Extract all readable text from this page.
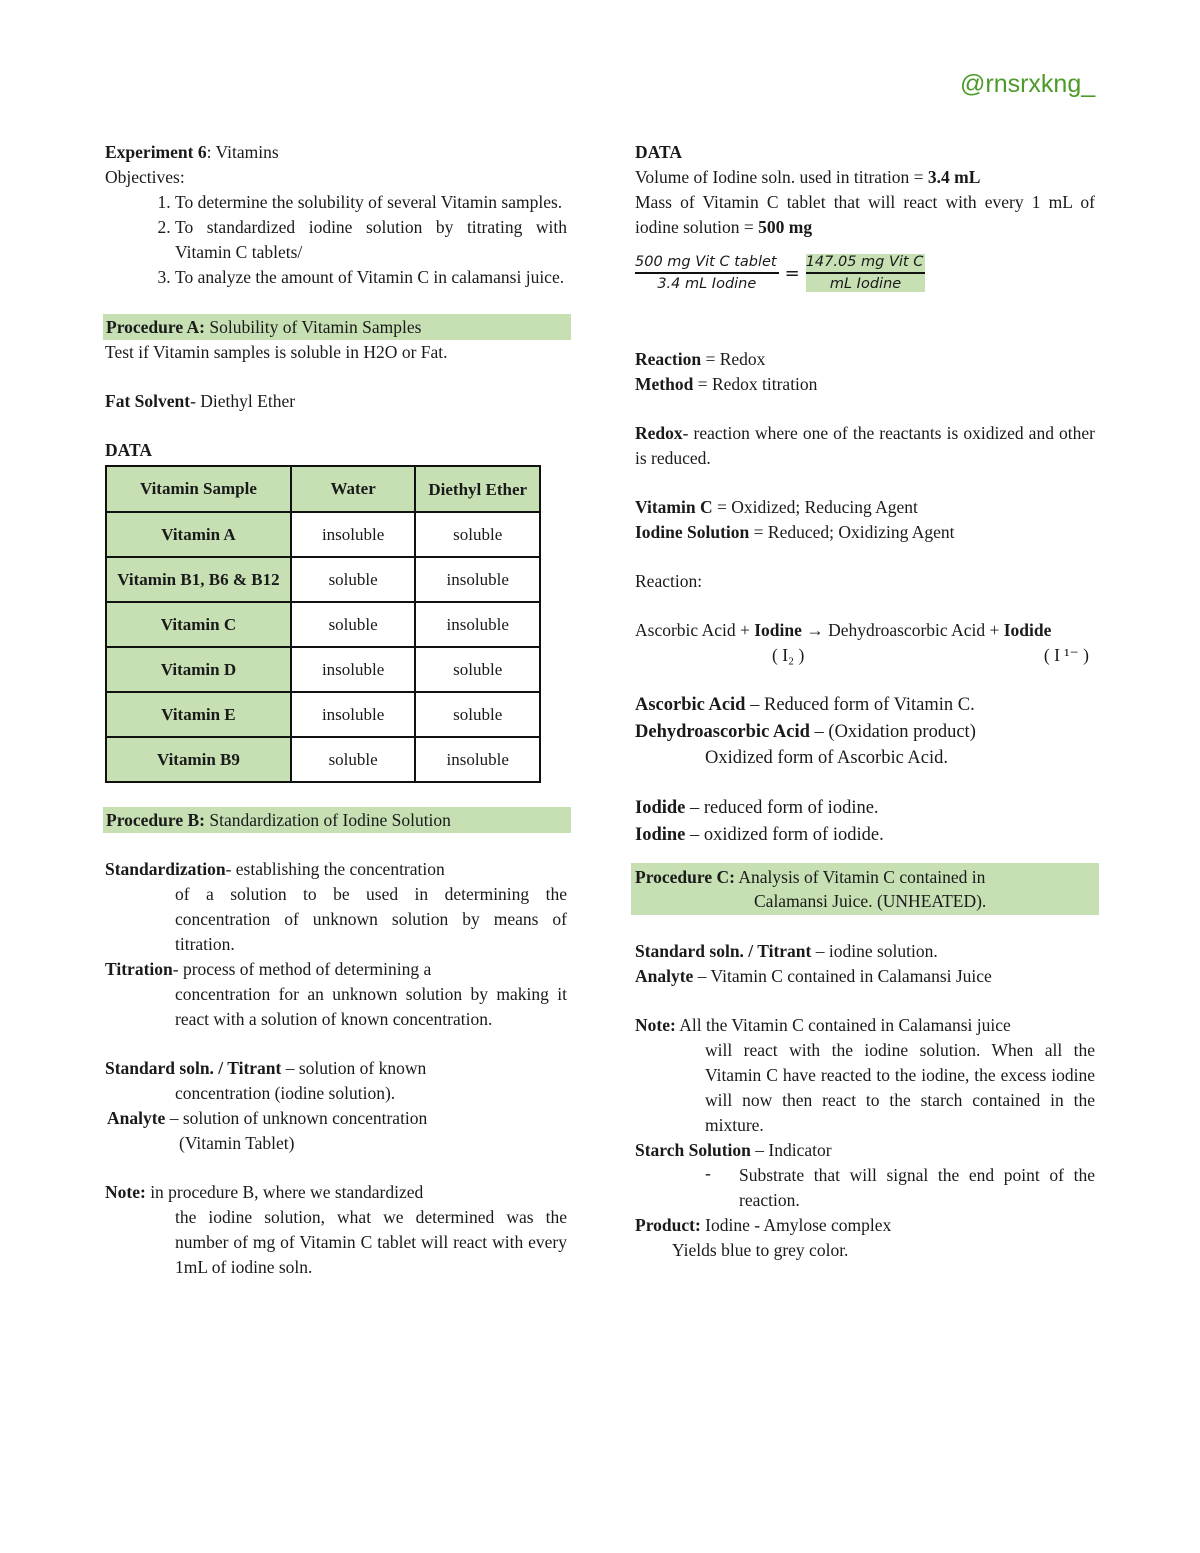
@rnsrxkng_

Experiment 6: Vitamins

Objectives:

1. To determine the solubility of several Vitamin samples.
2. To standardized iodine solution by titrating with Vitamin C tablets/
3. To analyze the amount of Vitamin C in calamansi juice.
Procedure A: Solubility of Vitamin Samples

Test if Vitamin samples is soluble in H2O or Fat.

Fat Solvent- Diethyl Ether

DATA

Vitamin Sample	Water	Diethyl Ether
Vitamin A	insoluble	soluble
Vitamin B1, B6 & B12	soluble	insoluble
Vitamin C	soluble	insoluble
Vitamin D	insoluble	soluble
Vitamin E	insoluble	soluble
Vitamin B9	soluble	insoluble
Procedure B: Standardization of Iodine Solution

Standardization- establishing the concentration

of a solution to be used in determining the concentration of unknown solution by means of titration.

Titration- process of method of determining a

concentration for an unknown solution by making it react with a solution of known concentration.

Standard soln. / Titrant – solution of known

concentration (iodine solution).

Analyte – solution of unknown concentration

(Vitamin Tablet)

Note: in procedure B, where we standardized

the iodine solution, what we determined was the number of mg of Vitamin C tablet will react with every 1mL of iodine soln.

DATA

Volume of Iodine soln. used in titration = 3.4 mL

Mass of Vitamin C tablet that will react with every 1 mL of iodine solution = 500 mg

$\frac{\text{500 mg Vit C tablet}}{\text{3.4 mL Iodine}} = \frac{\text{147.05 mg Vit C}}{\text{mL Iodine}}$

Reaction = Redox

Method = Redox titration

Redox- reaction where one of the reactants is oxidized and other is reduced.

Vitamin C = Oxidized; Reducing Agent

Iodine Solution = Reduced; Oxidizing Agent

Reaction:

Ascorbic Acid + Iodine → Dehydroascorbic Acid + Iodide

( I₂ )	( I ¹⁻ )

Ascorbic Acid – Reduced form of Vitamin C.

Dehydroascorbic Acid – (Oxidation product)

Oxidized form of Ascorbic Acid.

Iodide – reduced form of iodine.

Iodine – oxidized form of iodide.

Procedure C: Analysis of Vitamin C contained in
Calamansi Juice. (UNHEATED).

Standard soln. / Titrant – iodine solution.

Analyte – Vitamin C contained in Calamansi Juice

Note: All the Vitamin C contained in Calamansi juice

will react with the iodine solution. When all the Vitamin C have reacted to the iodine, the excess iodine will now then react to the starch contained in the mixture.

Starch Solution – Indicator

-	Substrate that will signal the end point of the reaction.

Product: Iodine - Amylose complex

Yields blue to grey color.
